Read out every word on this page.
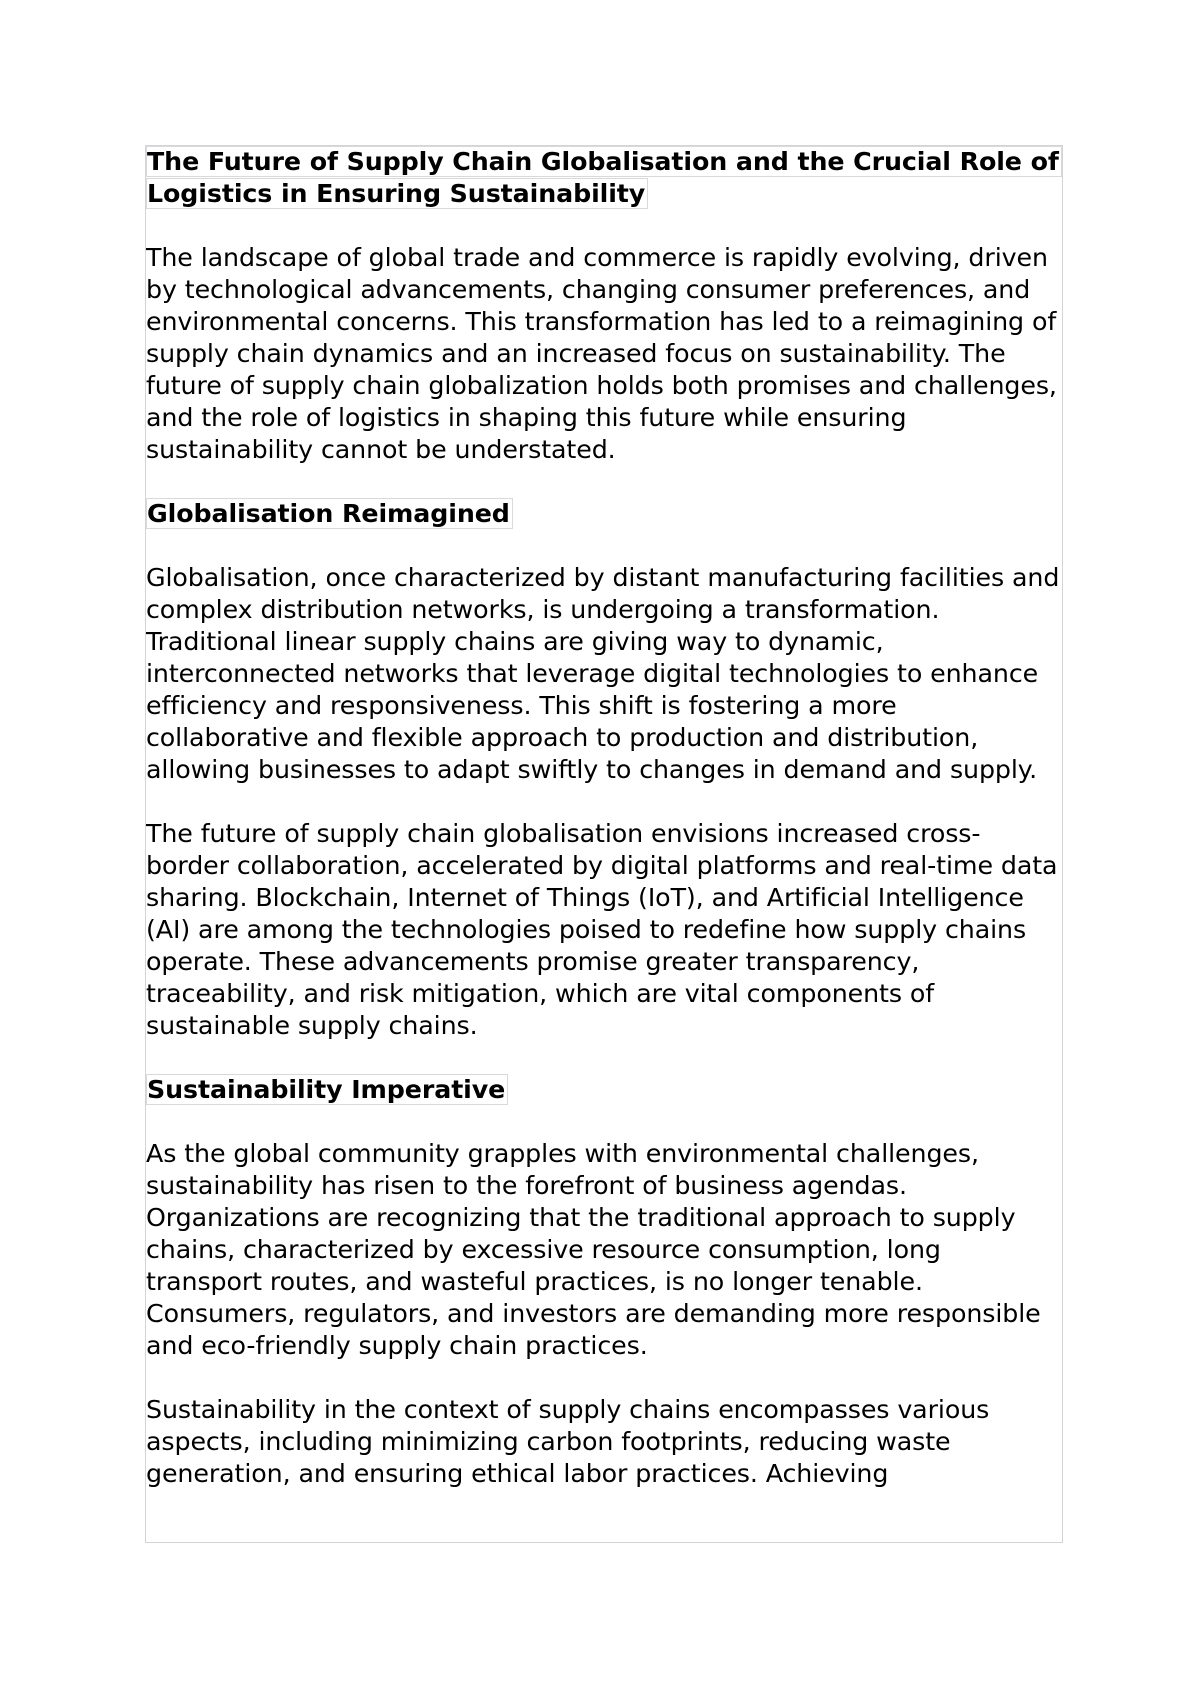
The Future of Supply Chain Globalisation and the Crucial Role of Logistics in Ensuring Sustainability

The landscape of global trade and commerce is rapidly evolving, driven by technological advancements, changing consumer preferences, and environmental concerns. This transformation has led to a reimagining of supply chain dynamics and an increased focus on sustainability. The future of supply chain globalization holds both promises and challenges, and the role of logistics in shaping this future while ensuring sustainability cannot be understated.

Globalisation Reimagined

Globalisation, once characterized by distant manufacturing facilities and complex distribution networks, is undergoing a transformation. Traditional linear supply chains are giving way to dynamic, interconnected networks that leverage digital technologies to enhance efficiency and responsiveness. This shift is fostering a more collaborative and flexible approach to production and distribution, allowing businesses to adapt swiftly to changes in demand and supply.

The future of supply chain globalisation envisions increased cross-border collaboration, accelerated by digital platforms and real-time data sharing. Blockchain, Internet of Things (IoT), and Artificial Intelligence (AI) are among the technologies poised to redefine how supply chains operate. These advancements promise greater transparency, traceability, and risk mitigation, which are vital components of sustainable supply chains.

Sustainability Imperative

As the global community grapples with environmental challenges, sustainability has risen to the forefront of business agendas. Organizations are recognizing that the traditional approach to supply chains, characterized by excessive resource consumption, long transport routes, and wasteful practices, is no longer tenable. Consumers, regulators, and investors are demanding more responsible and eco-friendly supply chain practices.

Sustainability in the context of supply chains encompasses various aspects, including minimizing carbon footprints, reducing waste generation, and ensuring ethical labor practices. Achieving
